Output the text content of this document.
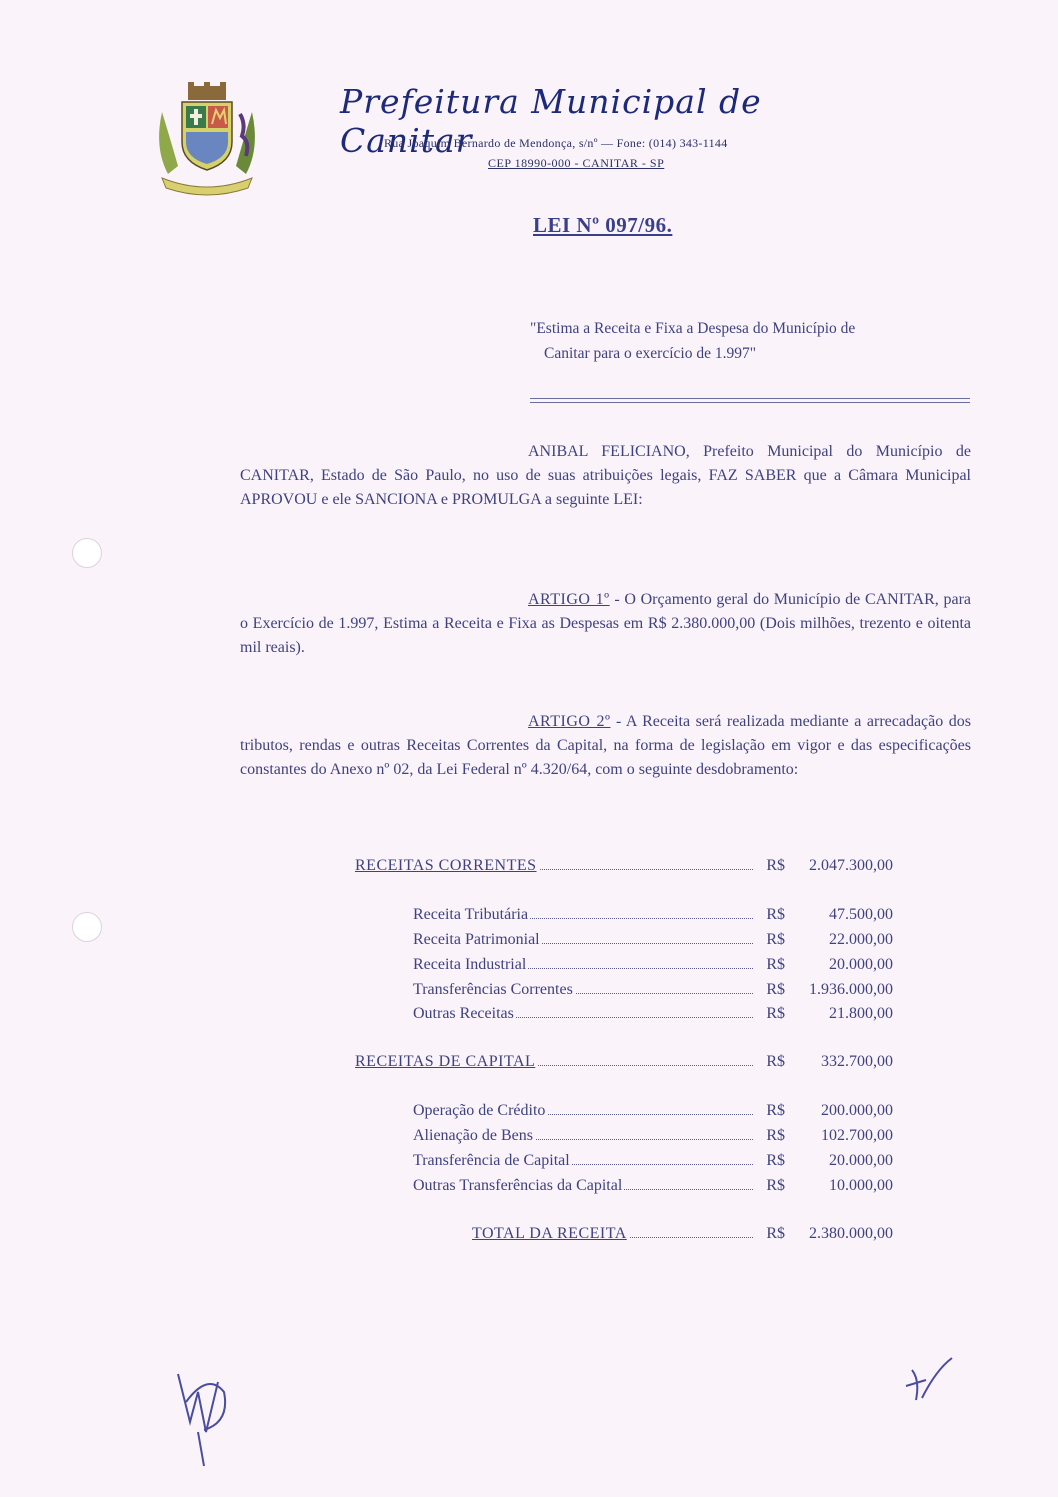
Prefeitura Municipal de Canitar
Rua Joaquim Bernardo de Mendonça, s/nº — Fone: (014) 343-1144
CEP 18990-000 - CANITAR - SP
LEI Nº 097/96.
"Estima a Receita e Fixa a Despesa do Município de
Canitar para o exercício de 1.997"
ANIBAL FELICIANO, Prefeito Municipal do Município de CANITAR, Estado de São Paulo, no uso de suas atribuições legais, FAZ SABER que a Câmara Municipal APROVOU e ele SANCIONA e PROMULGA a seguinte LEI:
ARTIGO 1º - O Orçamento geral do Município de CANITAR, para o Exercício de 1.997, Estima a Receita e Fixa as Despesas em R$ 2.380.000,00 (Dois milhões, trezento e oitenta mil reais).
ARTIGO 2º - A Receita será realizada mediante a arrecadação dos tributos, rendas e outras Receitas Correntes da Capital, na forma de legislação em vigor e das especificações constantes do Anexo nº 02, da Lei Federal nº 4.320/64, com o seguinte desdobramento:
RECEITAS CORRENTES	R$ 2.047.300,00
Receita Tributária	R$	47.500,00
Receita Patrimonial	R$	22.000,00
Receita Industrial	R$	20.000,00
Transferências Correntes	R$ 1.936.000,00
Outras Receitas	R$	21.800,00
RECEITAS DE CAPITAL	R$ 332.700,00
Operação de Crédito	R$ 200.000,00
Alienação de Bens	R$ 102.700,00
Transferência de Capital	R$	20.000,00
Outras Transferências da Capital	R$	10.000,00
TOTAL DA RECEITA	R$ 2.380.000,00
